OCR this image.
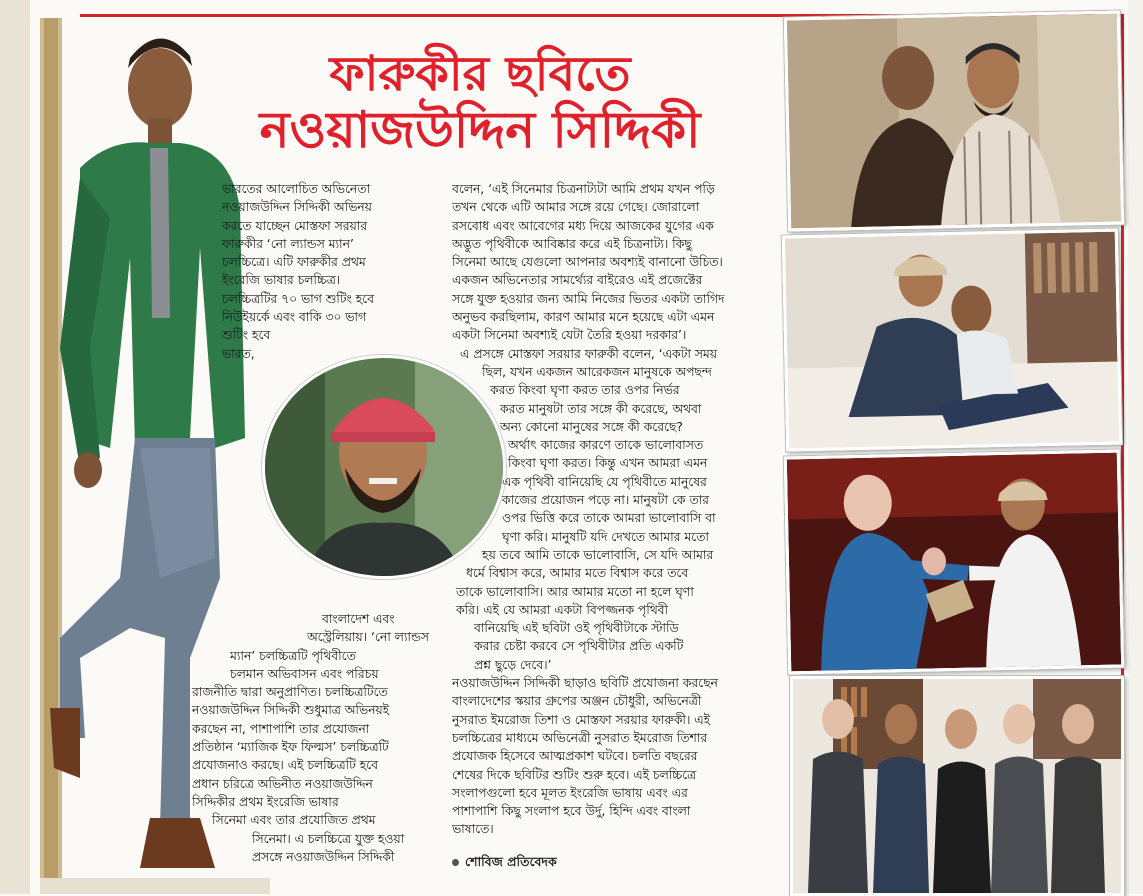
ফারুকীর ছবিতে
নওয়াজউদ্দিন সিদ্দিকী

ভারতের আলোচিত অভিনেতা

নওয়াজউদ্দিন সিদ্দিকী অভিনয়

করতে যাচ্ছেন মোস্তফা সরয়ার

ফারুকীর ‘নো ল্যান্ডস ম্যান’

চলচ্চিত্রে। এটি ফারুকীর প্রথম

ইংরেজি ভাষার চলচ্চিত্র।

চলচ্চিত্রটির ৭০ ভাগ শুটিং হবে

নিউইয়র্কে এবং বাকি ৩০ ভাগ

শুটিং হবে

ভারত,

বাংলাদেশ এবং

অস্ট্রেলিয়ায়। ‘নো ল্যান্ডস

ম্যান’ চলচ্চিত্রটি পৃথিবীতে

চলমান অভিবাসন এবং পরিচয়

রাজনীতি দ্বারা অনুপ্রাণিত। চলচ্চিত্রটিতে

নওয়াজউদ্দিন সিদ্দিকী শুধুমাত্র অভিনয়ই

করছেন না, পাশাপাশি তার প্রযোজনা

প্রতিষ্ঠান ‘ম্যাজিক ইফ ফিল্মস’ চলচ্চিত্রটি

প্রযোজনাও করছে। এই চলচ্চিত্রটি হবে

প্রধান চরিত্রে অভিনীত নওয়াজউদ্দিন

সিদ্দিকীর প্রথম ইংরেজি ভাষার

সিনেমা এবং তার প্রযোজিত প্রথম

সিনেমা। এ চলচ্চিত্রে যুক্ত হওয়া

প্রসঙ্গে নওয়াজউদ্দিন সিদ্দিকী

বলেন, ‘এই সিনেমার চিত্রনাট্যটা আমি প্রথম যখন পড়ি

তখন থেকে এটি আমার সঙ্গে রয়ে গেছে। জোরালো

রসবোধ এবং আবেগের মধ্য দিয়ে আজকের যুগের এক

অদ্ভুত পৃথিবীকে আবিষ্কার করে এই চিত্রনাট্য। কিছু

সিনেমা আছে যেগুলো আপনার অবশ্যই বানানো উচিত।

একজন অভিনেতার সামর্থ্যের বাইরেও এই প্রজেক্টের

সঙ্গে যুক্ত হওয়ার জন্য আমি নিজের ভিতর একটা তাগিদ

অনুভব করছিলাম, কারণ আমার মনে হয়েছে এটা এমন

একটা সিনেমা অবশ্যই যেটা তৈরি হওয়া দরকার’।

এ প্রসঙ্গে মোস্তফা সরয়ার ফারুকী বলেন, ‘একটা সময়

ছিল, যখন একজন আরেকজন মানুষকে অপছন্দ

করত কিংবা ঘৃণা করত তার ওপর নির্ভর

করত মানুষটা তার সঙ্গে কী করেছে, অথবা

অন্য কোনো মানুষের সঙ্গে কী করেছে?

অর্থাৎ কাজের কারণে তাকে ভালোবাসত

কিংবা ঘৃণা করত। কিন্তু এখন আমরা এমন

এক পৃথিবী বানিয়েছি যে পৃথিবীতে মানুষের

কাজের প্রয়োজন পড়ে না। মানুষটা কে তার

ওপর ভিত্তি করে তাকে আমরা ভালোবাসি বা

ঘৃণা করি। মানুষটি যদি দেখতে আমার মতো

হয় তবে আমি তাকে ভালোবাসি, সে যদি আমার

ধর্মে বিশ্বাস করে, আমার মতে বিশ্বাস করে তবে

তাকে ভালোবাসি। আর আমার মতো না হলে ঘৃণা

করি। এই যে আমরা একটা বিপজ্জনক পৃথিবী

বানিয়েছি এই ছবিটা ওই পৃথিবীটাকে স্টাডি

করার চেষ্টা করবে সে পৃথিবীটার প্রতি একটি

প্রশ্ন ছুড়ে দেবে।’

নওয়াজউদ্দিন সিদ্দিকী ছাড়াও ছবিটি প্রযোজনা করছেন

বাংলাদেশের স্কয়ার গ্রুপের অঞ্জন চৌধুরী, অভিনেত্রী

নুসরাত ইমরোজ তিশা ও মোস্তফা সরয়ার ফারুকী। এই

চলচ্চিত্রের মাধ্যমে অভিনেত্রী নুসরাত ইমরোজ তিশার

প্রযোজক হিসেবে আত্মপ্রকাশ ঘটবে। চলতি বছরের

শেষের দিকে ছবিটির শুটিং শুরু হবে। এই চলচ্চিত্রে

সংলাপগুলো হবে মূলত ইংরেজি ভাষায় এবং এর

পাশাপাশি কিছু সংলাপ হবে উর্দু, হিন্দি এবং বাংলা

ভাষাতে।

শোবিজ প্রতিবেদক
